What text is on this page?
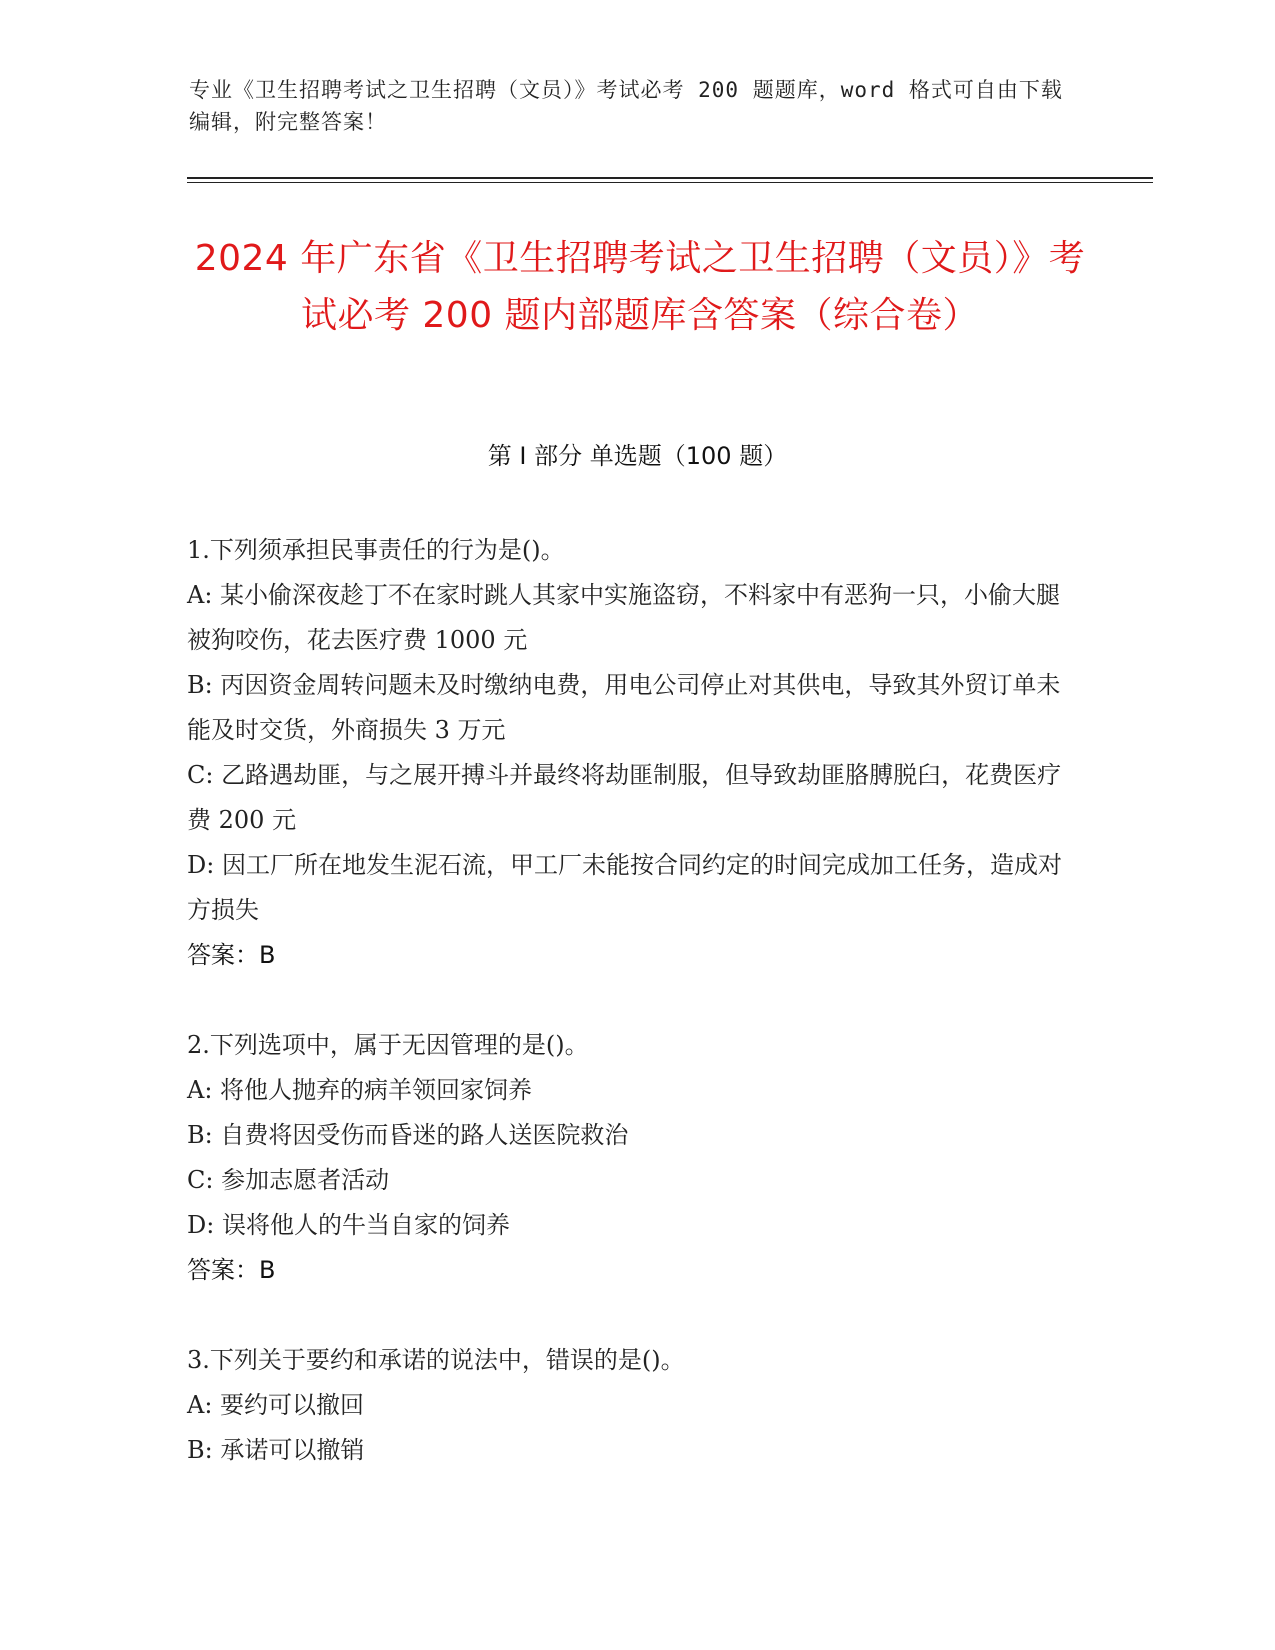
专业《卫生招聘考试之卫生招聘（文员）》考试必考 200 题题库，word 格式可自由下载编辑，附完整答案！
2024 年广东省《卫生招聘考试之卫生招聘（文员）》考试必考 200 题内部题库含答案（综合卷）
第 I 部分 单选题（100 题）
1.下列须承担民事责任的行为是()。
A: 某小偷深夜趁丁不在家时跳人其家中实施盗窃，不料家中有恶狗一只，小偷大腿被狗咬伤，花去医疗费 1000 元
B: 丙因资金周转问题未及时缴纳电费，用电公司停止对其供电，导致其外贸订单未能及时交货，外商损失 3 万元
C: 乙路遇劫匪，与之展开搏斗并最终将劫匪制服，但导致劫匪胳膊脱臼，花费医疗费 200 元
D: 因工厂所在地发生泥石流，甲工厂未能按合同约定的时间完成加工任务，造成对方损失
答案：B
2.下列选项中，属于无因管理的是()。
A: 将他人抛弃的病羊领回家饲养
B: 自费将因受伤而昏迷的路人送医院救治
C: 参加志愿者活动
D: 误将他人的牛当自家的饲养
答案：B
3.下列关于要约和承诺的说法中，错误的是()。
A: 要约可以撤回
B: 承诺可以撤销
